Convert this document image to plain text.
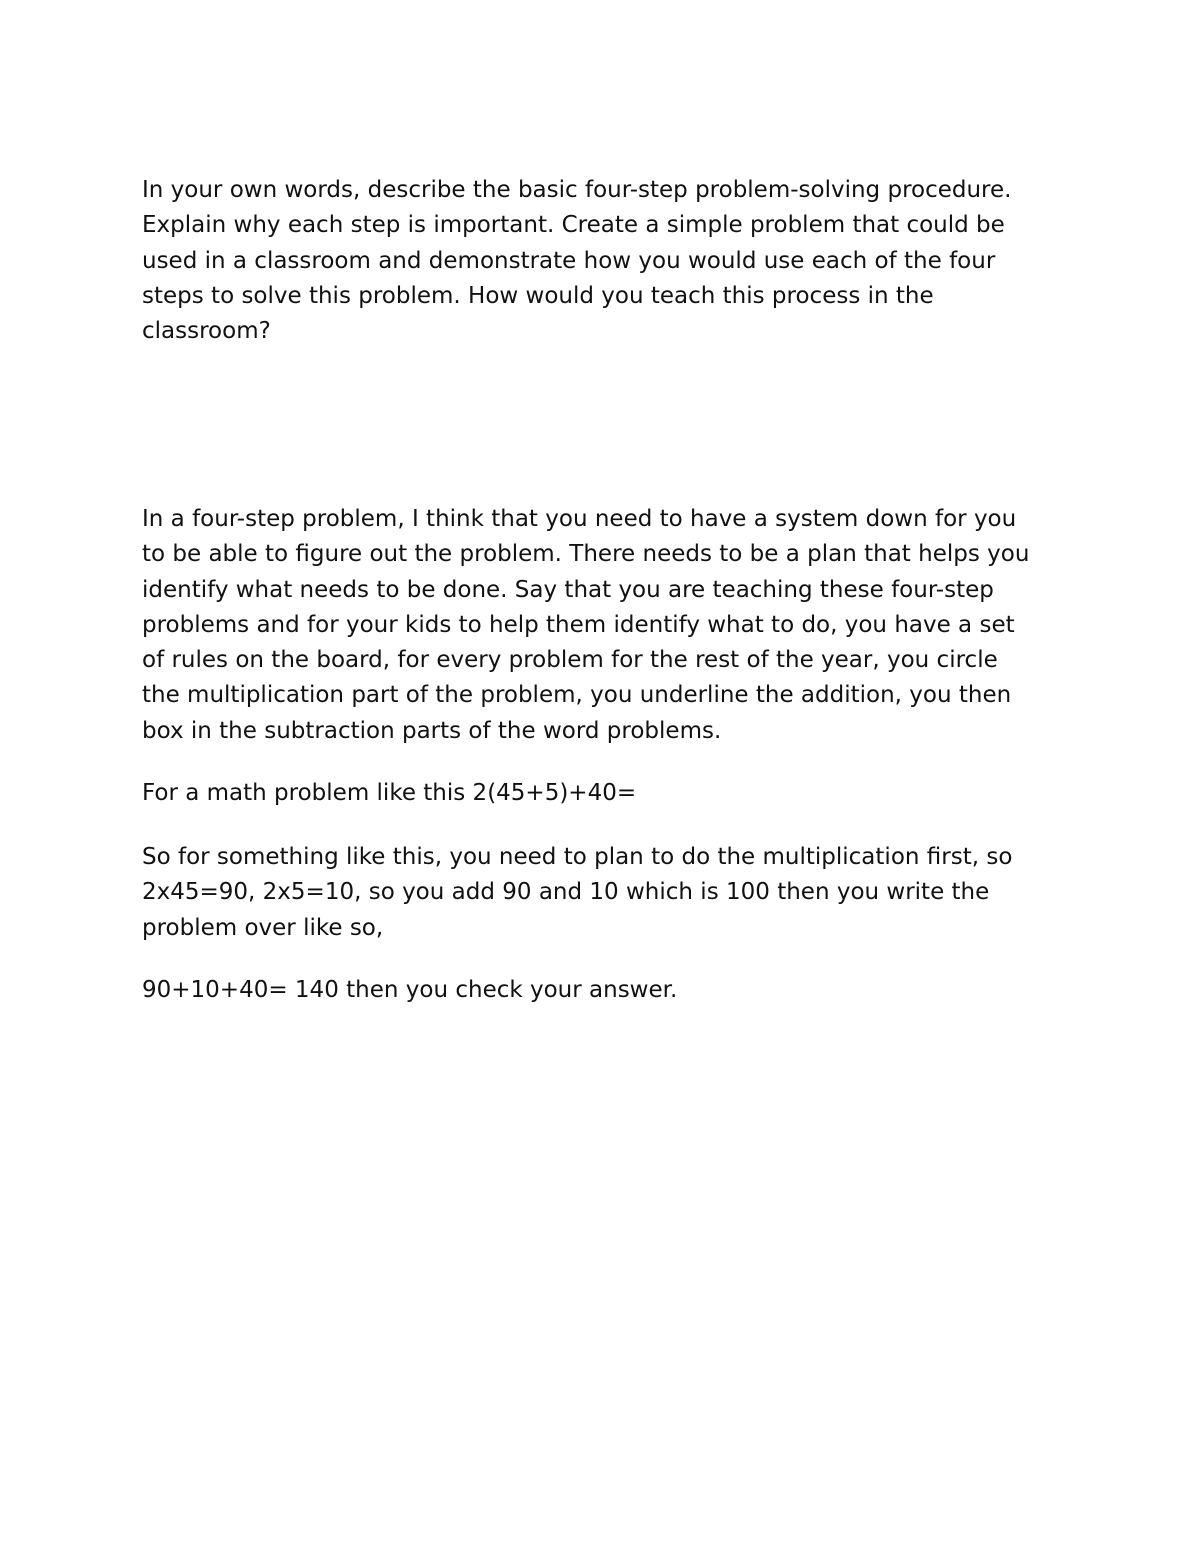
In your own words, describe the basic four-step problem-solving procedure.
Explain why each step is important. Create a simple problem that could be
used in a classroom and demonstrate how you would use each of the four
steps to solve this problem. How would you teach this process in the
classroom?

In a four-step problem, I think that you need to have a system down for you
to be able to figure out the problem. There needs to be a plan that helps you
identify what needs to be done. Say that you are teaching these four-step
problems and for your kids to help them identify what to do, you have a set
of rules on the board, for every problem for the rest of the year, you circle
the multiplication part of the problem, you underline the addition, you then
box in the subtraction parts of the word problems.

For a math problem like this 2(45+5)+40=

So for something like this, you need to plan to do the multiplication first, so
2x45=90, 2x5=10, so you add 90 and 10 which is 100 then you write the
problem over like so,

90+10+40= 140 then you check your answer.
